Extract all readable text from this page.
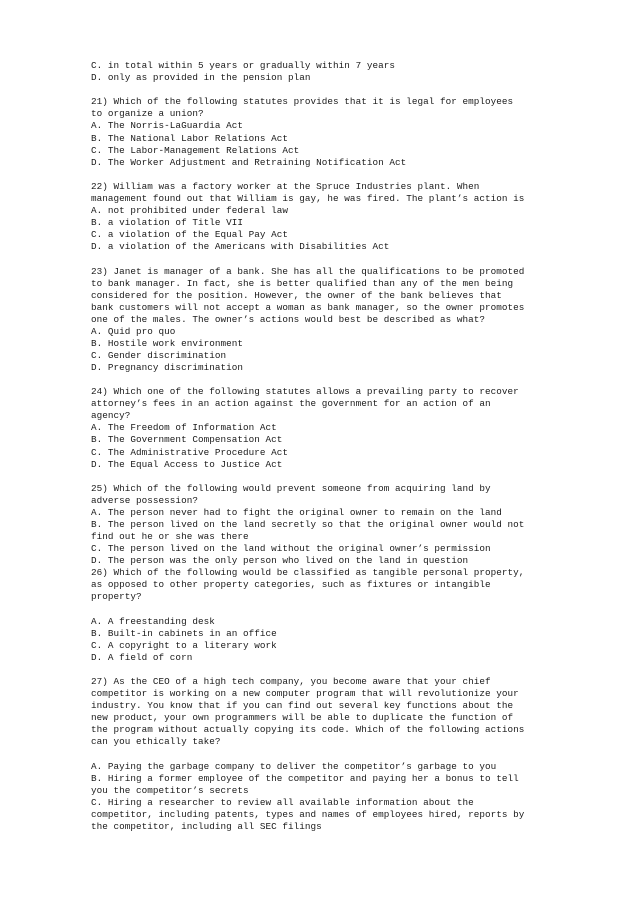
C. in total within 5 years or gradually within 7 years
D. only as provided in the pension plan
21) Which of the following statutes provides that it is legal for employees
to organize a union?
A. The Norris-LaGuardia Act
B. The National Labor Relations Act
C. The Labor-Management Relations Act
D. The Worker Adjustment and Retraining Notification Act
22) William was a factory worker at the Spruce Industries plant. When
management found out that William is gay, he was fired. The plant’s action is
A. not prohibited under federal law
B. a violation of Title VII
C. a violation of the Equal Pay Act
D. a violation of the Americans with Disabilities Act
23) Janet is manager of a bank. She has all the qualifications to be promoted
to bank manager. In fact, she is better qualified than any of the men being
considered for the position. However, the owner of the bank believes that
bank customers will not accept a woman as bank manager, so the owner promotes
one of the males. The owner’s actions would best be described as what?
A. Quid pro quo
B. Hostile work environment
C. Gender discrimination
D. Pregnancy discrimination
24) Which one of the following statutes allows a prevailing party to recover
attorney’s fees in an action against the government for an action of an
agency?
A. The Freedom of Information Act
B. The Government Compensation Act
C. The Administrative Procedure Act
D. The Equal Access to Justice Act
25) Which of the following would prevent someone from acquiring land by
adverse possession?
A. The person never had to fight the original owner to remain on the land
B. The person lived on the land secretly so that the original owner would not
find out he or she was there
C. The person lived on the land without the original owner’s permission
D. The person was the only person who lived on the land in question
26) Which of the following would be classified as tangible personal property,
as opposed to other property categories, such as fixtures or intangible
property?
A. A freestanding desk
B. Built-in cabinets in an office
C. A copyright to a literary work
D. A field of corn
27) As the CEO of a high tech company, you become aware that your chief
competitor is working on a new computer program that will revolutionize your
industry. You know that if you can find out several key functions about the
new product, your own programmers will be able to duplicate the function of
the program without actually copying its code. Which of the following actions
can you ethically take?
A. Paying the garbage company to deliver the competitor’s garbage to you
B. Hiring a former employee of the competitor and paying her a bonus to tell
you the competitor’s secrets
C. Hiring a researcher to review all available information about the
competitor, including patents, types and names of employees hired, reports by
the competitor, including all SEC filings
